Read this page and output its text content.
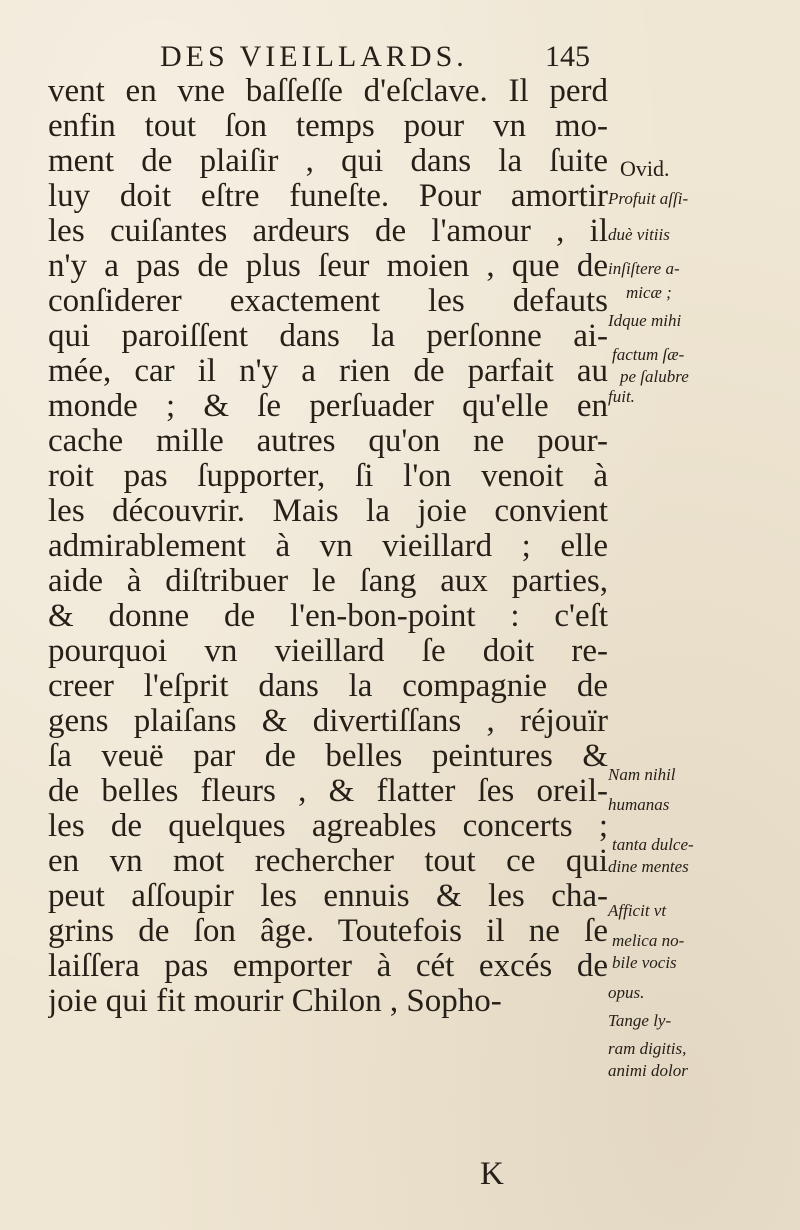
DES VIEILLARDS.	145
vent en vne baſſeſſe d'eſclave. Il perd
enfin tout ſon temps pour vn mo-
ment de plaiſir , qui dans la ſuite
luy doit eſtre funeſte. Pour amortir
les cuiſantes ardeurs de l'amour , il
n'y a pas de plus ſeur moien , que de
conſiderer exactement les defauts
qui paroiſſent dans la perſonne ai-
mée, car il n'y a rien de parfait au
monde ; & ſe perſuader qu'elle en
cache mille autres qu'on ne pour-
roit pas ſupporter, ſi l'on venoit à
les découvrir. Mais la joie convient
admirablement à vn vieillard ; elle
aide à diſtribuer le ſang aux parties,
& donne de l'en-bon-point : c'eſt
pourquoi vn vieillard ſe doit re-
creer l'eſprit dans la compagnie de
gens plaiſans & divertiſſans , réjouïr
ſa veuë par de belles peintures &
de belles fleurs , & flatter ſes oreil-
les de quelques agreables concerts ;
en vn mot rechercher tout ce qui
peut aſſoupir les ennuis & les cha-
grins de ſon âge. Toutefois il ne ſe
laiſſera pas emporter à cét excés de
joie qui fit mourir Chilon , Sopho-
Ovid.
Profuit aſſi-
duè vitiis
inſiſtere a-
micæ ;
Idque mihi
factum ſæ-
pe ſalubre
fuit.
Nam nihil
humanas
tanta dulce-
dine mentes
Afficit vt
melica no-
bile vocis
opus.
Tange ly-
ram digitis,
animi dolor
K
